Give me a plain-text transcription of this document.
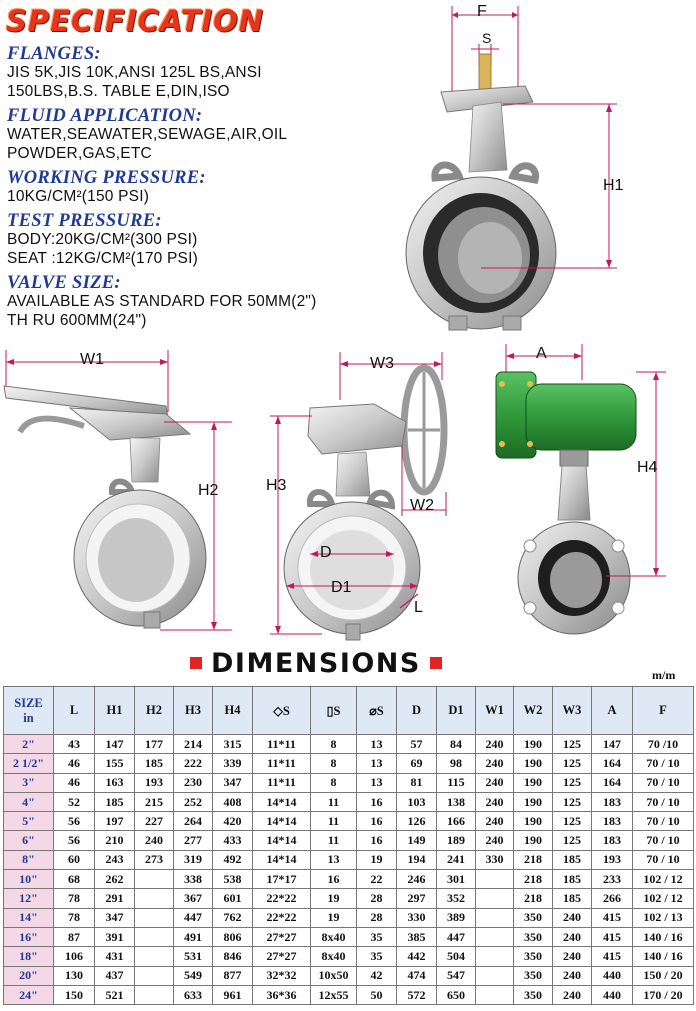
SPECIFICATION
FLANGES:
JIS 5K,JIS 10K,ANSI 125L BS,ANSI
150LBS,B.S. TABLE E,DIN,ISO
FLUID APPLICATION:
WATER,SEAWATER,SEWAGE,AIR,OIL
POWDER,GAS,ETC
WORKING PRESSURE:
10KG/CM²(150 PSI)
TEST PRESSURE:
BODY:20KG/CM²(300 PSI)
SEAT :12KG/CM²(170 PSI)
VALVE SIZE:
AVAILABLE AS STANDARD FOR 50MM(2")
TH RU 600MM(24")
F
S
H1
W1
H2
W3
H3
W2
D
D1
L
A
H4
DIMENSIONS	m/m
SIZE
in	L	H1	H2	H3	H4	◇S	▯S	⌀S	D	D1	W1	W2	W3	A	F
2"	43	147	177	214	315	11*11	8	13	57	84	240	190	125	147	70 /10
2 1/2"	46	155	185	222	339	11*11	8	13	69	98	240	190	125	164	70 / 10
3"	46	163	193	230	347	11*11	8	13	81	115	240	190	125	164	70 / 10
4"	52	185	215	252	408	14*14	11	16	103	138	240	190	125	183	70 / 10
5"	56	197	227	264	420	14*14	11	16	126	166	240	190	125	183	70 / 10
6"	56	210	240	277	433	14*14	11	16	149	189	240	190	125	183	70 / 10
8"	60	243	273	319	492	14*14	13	19	194	241	330	218	185	193	70 / 10
10"	68	262		338	538	17*17	16	22	246	301		218	185	233	102 / 12
12"	78	291		367	601	22*22	19	28	297	352		218	185	266	102 / 12
14"	78	347		447	762	22*22	19	28	330	389		350	240	415	102 / 13
16"	87	391		491	806	27*27	8x40	35	385	447		350	240	415	140 / 16
18"	106	431		531	846	27*27	8x40	35	442	504		350	240	415	140 / 16
20"	130	437		549	877	32*32	10x50	42	474	547		350	240	440	150 / 20
24"	150	521		633	961	36*36	12x55	50	572	650		350	240	440	170 / 20
